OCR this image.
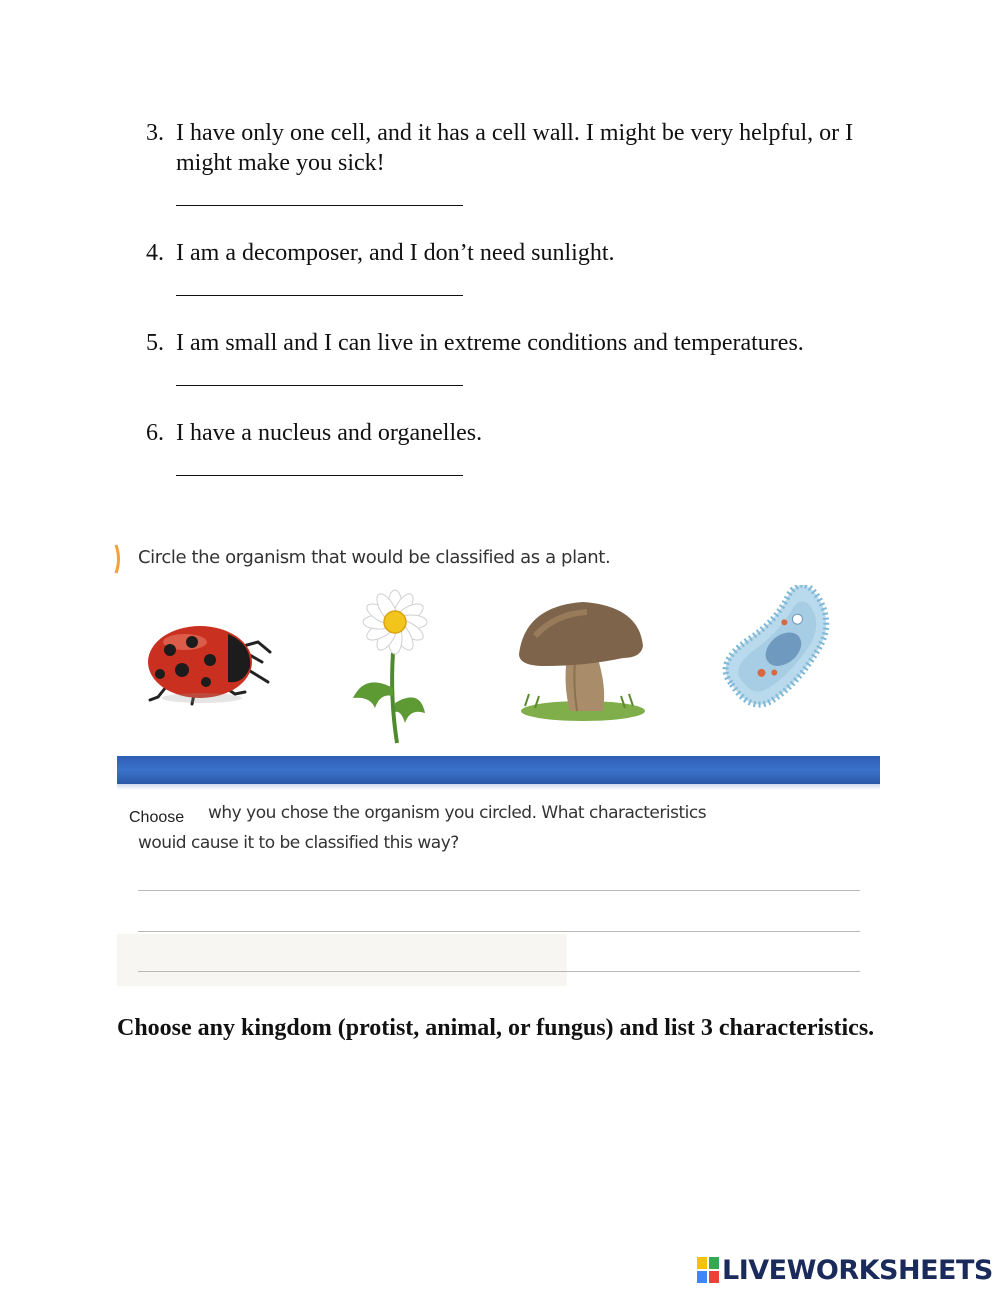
3. I have only one cell, and it has a cell wall. I might be very helpful, or I might make you sick!
4. I am a decomposer, and I don’t need sunlight.
5. I am small and I can live in extreme conditions and temperatures.
6. I have a nucleus and organelles.
Circle the organism that would be classified as a plant.
Choose why you chose the organism you circled. What characteristics
wouid cause it to be classified this way?
Choose any kingdom (protist, animal, or fungus) and list 3 characteristics.
LIVEWORKSHEETS
